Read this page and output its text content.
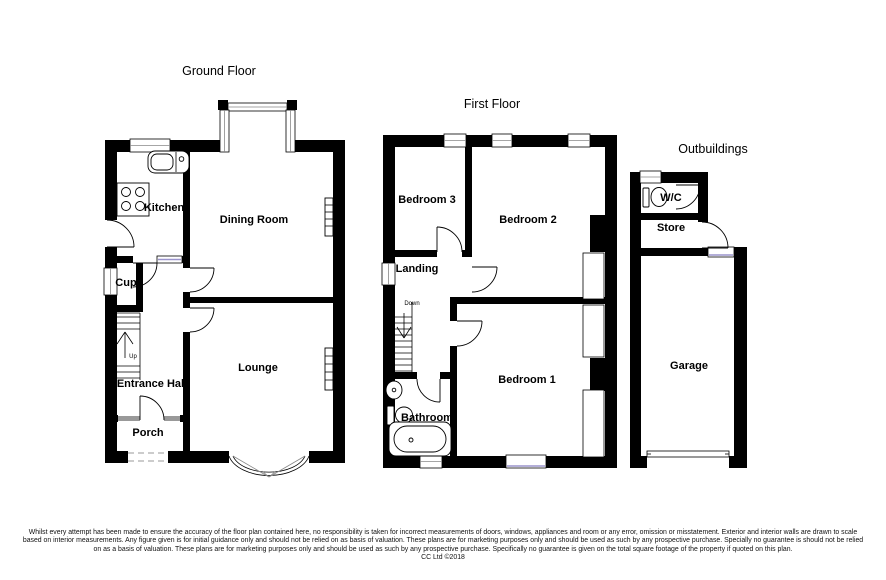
Ground Floor
Kitchen
Dining Room
Cup
Entrance Hall
Lounge
Porch
Up
First Floor
Bedroom 3
Bedroom 2
Landing
Down
Bathroom
Bedroom 1
Outbuildings
W/C
Store
Garage
Whilst every attempt has been made to ensure the accuracy of the floor plan contained here, no responsibility is taken for incorrect measurements of doors, windows, appliances and room or any error, omission or misstatement. Exterior and interior walls are drawn to scale
based on interior measurements. Any figure given is for initial guidance only and should not be relied on as basis of valuation. These plans are for marketing purposes only and should be used as such by any prospective purchase. Specially no guarantee is should not be relied
on as a basis of valuation. These plans are for marketing purposes only and should be used as such by any prospective purchase. Specifically no guarantee is given on the total square footage of the property if quoted on this plan.
CC Ltd ©2018
